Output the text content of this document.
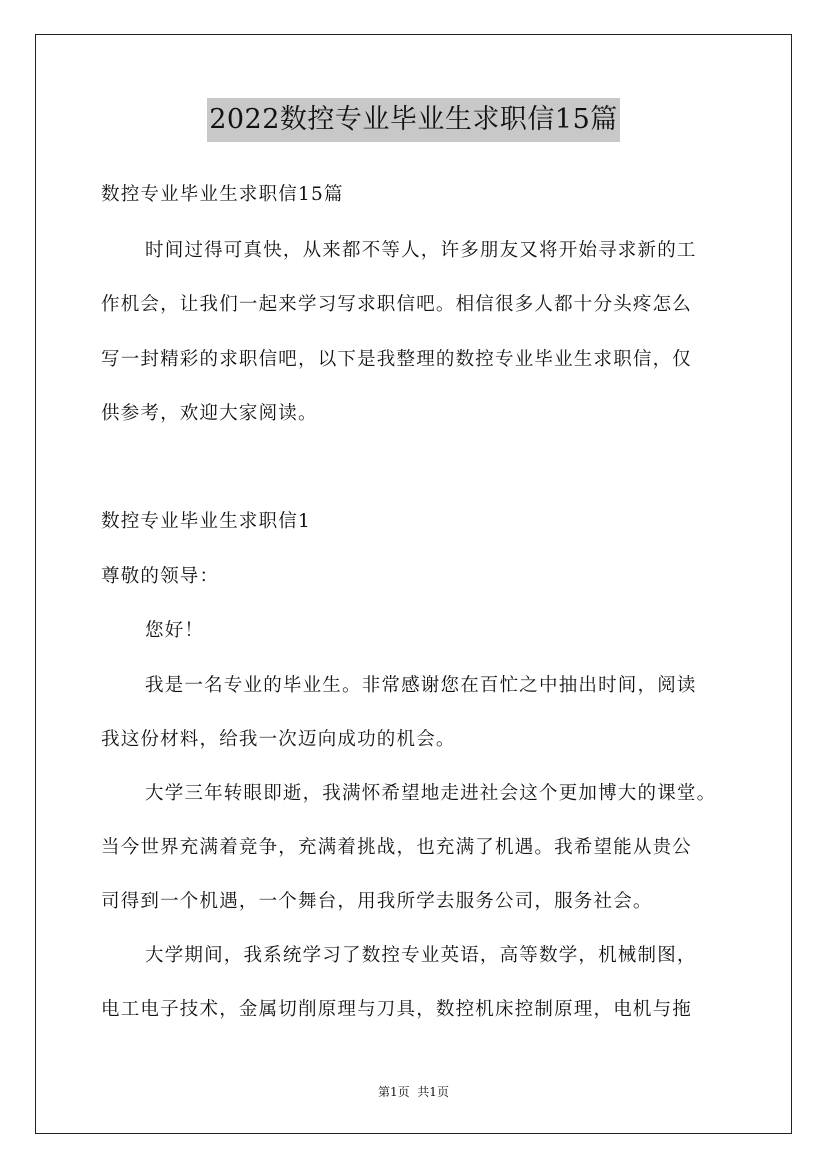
2022数控专业毕业生求职信15篇
数控专业毕业生求职信15篇
时间过得可真快，从来都不等人，许多朋友又将开始寻求新的工
作机会，让我们一起来学习写求职信吧。相信很多人都十分头疼怎么
写一封精彩的求职信吧，以下是我整理的数控专业毕业生求职信，仅
供参考，欢迎大家阅读。
数控专业毕业生求职信1
尊敬的领导：
您好！
我是一名专业的毕业生。非常感谢您在百忙之中抽出时间，阅读
我这份材料，给我一次迈向成功的机会。
大学三年转眼即逝，我满怀希望地走进社会这个更加博大的课堂。
当今世界充满着竞争，充满着挑战，也充满了机遇。我希望能从贵公
司得到一个机遇，一个舞台，用我所学去服务公司，服务社会。
大学期间，我系统学习了数控专业英语，高等数学，机械制图，
电工电子技术，金属切削原理与刀具，数控机床控制原理，电机与拖
第1页  共1页
